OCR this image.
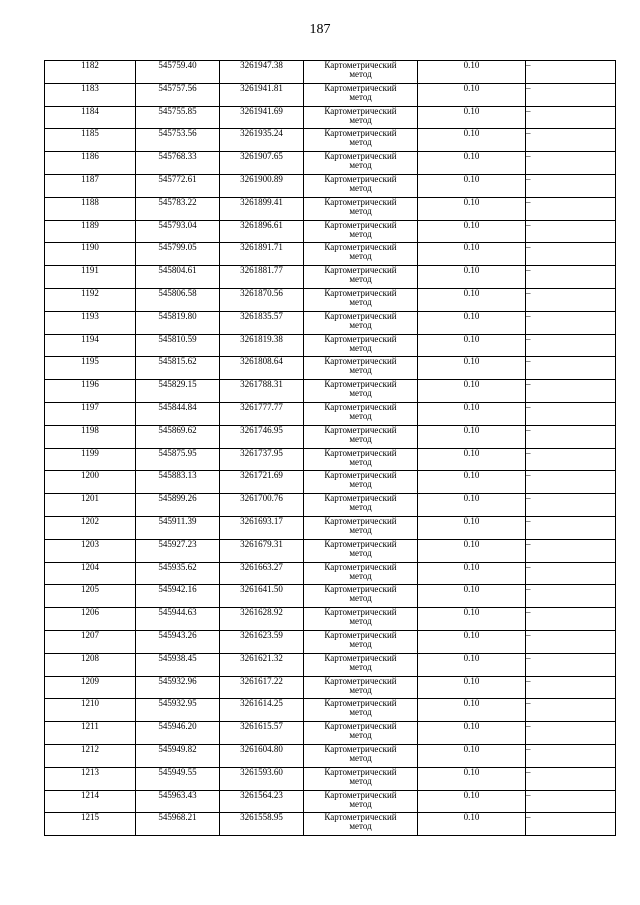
187
1182	545759.40	3261947.38	Картометрический
метод	0.10	–
1183	545757.56	3261941.81	Картометрический
метод	0.10	–
1184	545755.85	3261941.69	Картометрический
метод	0.10	–
1185	545753.56	3261935.24	Картометрический
метод	0.10	–
1186	545768.33	3261907.65	Картометрический
метод	0.10	–
1187	545772.61	3261900.89	Картометрический
метод	0.10	–
1188	545783.22	3261899.41	Картометрический
метод	0.10	–
1189	545793.04	3261896.61	Картометрический
метод	0.10	–
1190	545799.05	3261891.71	Картометрический
метод	0.10	–
1191	545804.61	3261881.77	Картометрический
метод	0.10	–
1192	545806.58	3261870.56	Картометрический
метод	0.10	–
1193	545819.80	3261835.57	Картометрический
метод	0.10	–
1194	545810.59	3261819.38	Картометрический
метод	0.10	–
1195	545815.62	3261808.64	Картометрический
метод	0.10	–
1196	545829.15	3261788.31	Картометрический
метод	0.10	–
1197	545844.84	3261777.77	Картометрический
метод	0.10	–
1198	545869.62	3261746.95	Картометрический
метод	0.10	–
1199	545875.95	3261737.95	Картометрический
метод	0.10	–
1200	545883.13	3261721.69	Картометрический
метод	0.10	–
1201	545899.26	3261700.76	Картометрический
метод	0.10	–
1202	545911.39	3261693.17	Картометрический
метод	0.10	–
1203	545927.23	3261679.31	Картометрический
метод	0.10	–
1204	545935.62	3261663.27	Картометрический
метод	0.10	–
1205	545942.16	3261641.50	Картометрический
метод	0.10	–
1206	545944.63	3261628.92	Картометрический
метод	0.10	–
1207	545943.26	3261623.59	Картометрический
метод	0.10	–
1208	545938.45	3261621.32	Картометрический
метод	0.10	–
1209	545932.96	3261617.22	Картометрический
метод	0.10	–
1210	545932.95	3261614.25	Картометрический
метод	0.10	–
1211	545946.20	3261615.57	Картометрический
метод	0.10	–
1212	545949.82	3261604.80	Картометрический
метод	0.10	–
1213	545949.55	3261593.60	Картометрический
метод	0.10	–
1214	545963.43	3261564.23	Картометрический
метод	0.10	–
1215	545968.21	3261558.95	Картометрический
метод	0.10	–
